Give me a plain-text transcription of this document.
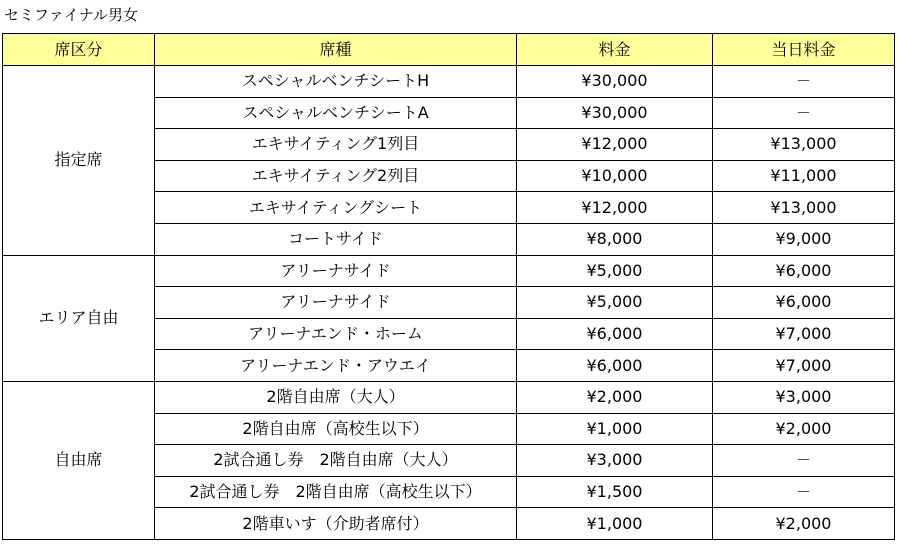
セミファイナル男女
席区分	席種	料金	当日料金
指定席	スペシャルベンチシートH	¥30,000	－
	スペシャルベンチシートA	¥30,000	－
	エキサイティング1列目	¥12,000	¥13,000
	エキサイティング2列目	¥10,000	¥11,000
	エキサイティングシート	¥12,000	¥13,000
	コートサイド	¥8,000	¥9,000
エリア自由	アリーナサイド	¥5,000	¥6,000
	アリーナサイド	¥5,000	¥6,000
	アリーナエンド・ホーム	¥6,000	¥7,000
	アリーナエンド・アウエイ	¥6,000	¥7,000
自由席	2階自由席（大人）	¥2,000	¥3,000
	2階自由席（高校生以下）	¥1,000	¥2,000
	2試合通し券　2階自由席（大人）	¥3,000	－
	2試合通し券　2階自由席（高校生以下）	¥1,500	－
	2階車いす（介助者席付）	¥1,000	¥2,000
